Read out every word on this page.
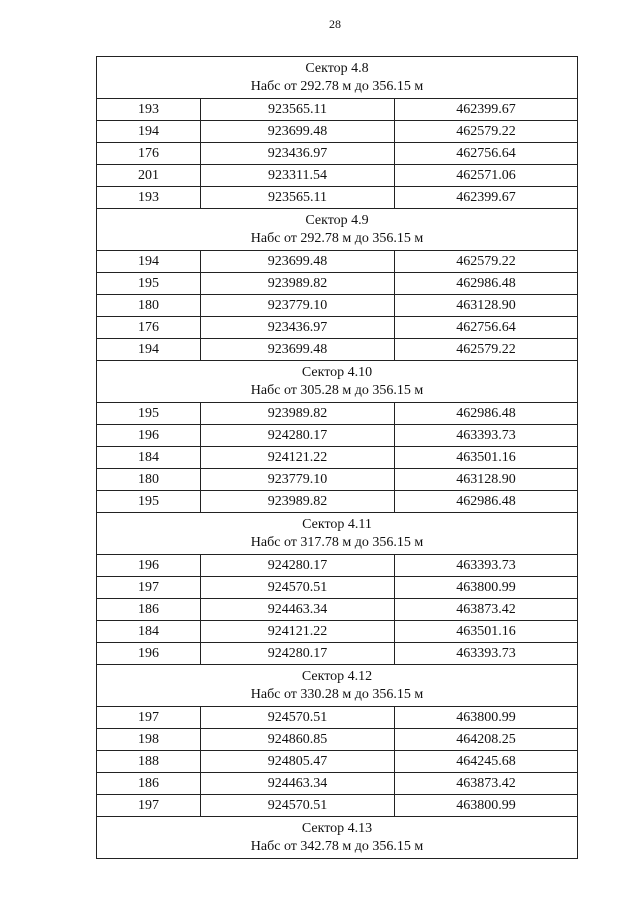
28
Сектор 4.8
Набс от 292.78 м до 356.15 м		

193	923565.11	462399.67
194	923699.48	462579.22
176	923436.97	462756.64
201	923311.54	462571.06
193	923565.11	462399.67

Сектор 4.9
Набс от 292.78 м до 356.15 м		

194	923699.48	462579.22
195	923989.82	462986.48
180	923779.10	463128.90
176	923436.97	462756.64
194	923699.48	462579.22

Сектор 4.10
Набс от 305.28 м до 356.15 м		

195	923989.82	462986.48
196	924280.17	463393.73
184	924121.22	463501.16
180	923779.10	463128.90
195	923989.82	462986.48

Сектор 4.11
Набс от 317.78 м до 356.15 м		

196	924280.17	463393.73
197	924570.51	463800.99
186	924463.34	463873.42
184	924121.22	463501.16
196	924280.17	463393.73

Сектор 4.12
Набс от 330.28 м до 356.15 м		

197	924570.51	463800.99
198	924860.85	464208.25
188	924805.47	464245.68
186	924463.34	463873.42
197	924570.51	463800.99

Сектор 4.13
Набс от 342.78 м до 356.15 м		
